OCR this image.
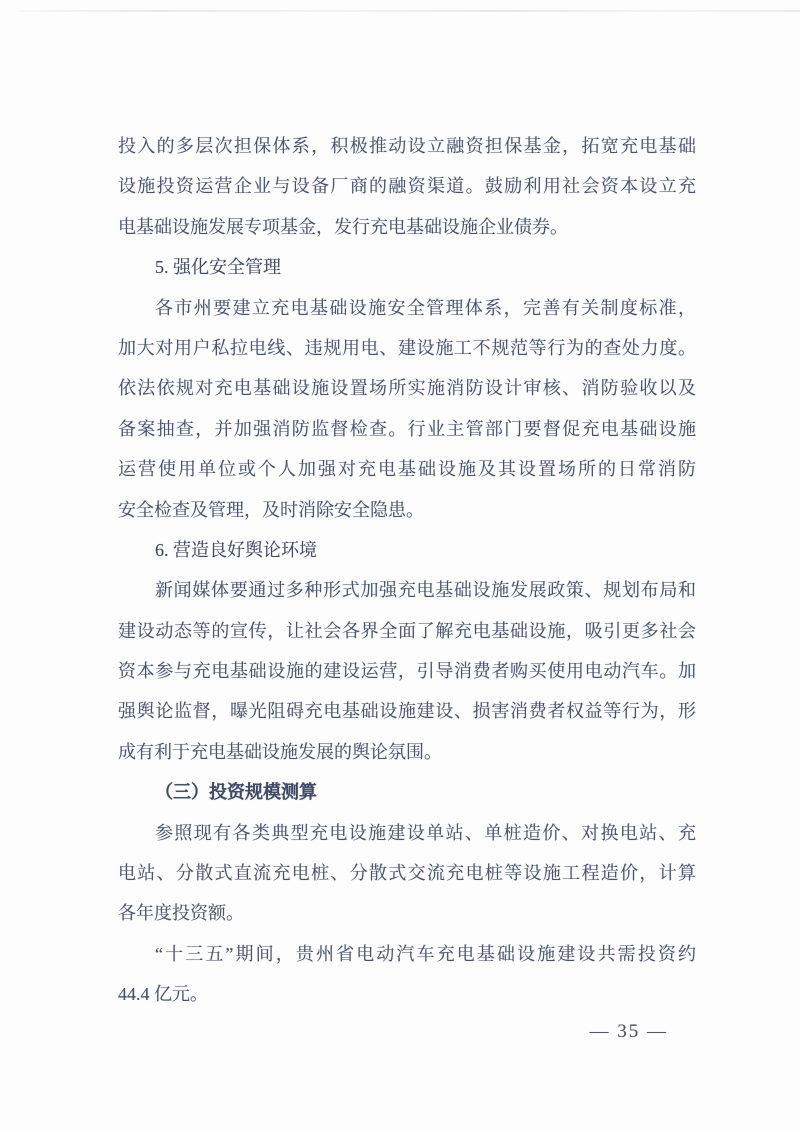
投入的多层次担保体系，积极推动设立融资担保基金，拓宽充电基础
设施投资运营企业与设备厂商的融资渠道。鼓励利用社会资本设立充
电基础设施发展专项基金，发行充电基础设施企业债券。
5. 强化安全管理
各市州要建立充电基础设施安全管理体系，完善有关制度标准，
加大对用户私拉电线、违规用电、建设施工不规范等行为的查处力度。
依法依规对充电基础设施设置场所实施消防设计审核、消防验收以及
备案抽查，并加强消防监督检查。行业主管部门要督促充电基础设施
运营使用单位或个人加强对充电基础设施及其设置场所的日常消防
安全检查及管理，及时消除安全隐患。
6. 营造良好舆论环境
新闻媒体要通过多种形式加强充电基础设施发展政策、规划布局和
建设动态等的宣传，让社会各界全面了解充电基础设施，吸引更多社会
资本参与充电基础设施的建设运营，引导消费者购买使用电动汽车。加
强舆论监督，曝光阻碍充电基础设施建设、损害消费者权益等行为，形
成有利于充电基础设施发展的舆论氛围。
（三）投资规模测算
参照现有各类典型充电设施建设单站、单桩造价、对换电站、充
电站、分散式直流充电桩、分散式交流充电桩等设施工程造价，计算
各年度投资额。
“十三五”期间，贵州省电动汽车充电基础设施建设共需投资约
44.4 亿元。
— 35 —
